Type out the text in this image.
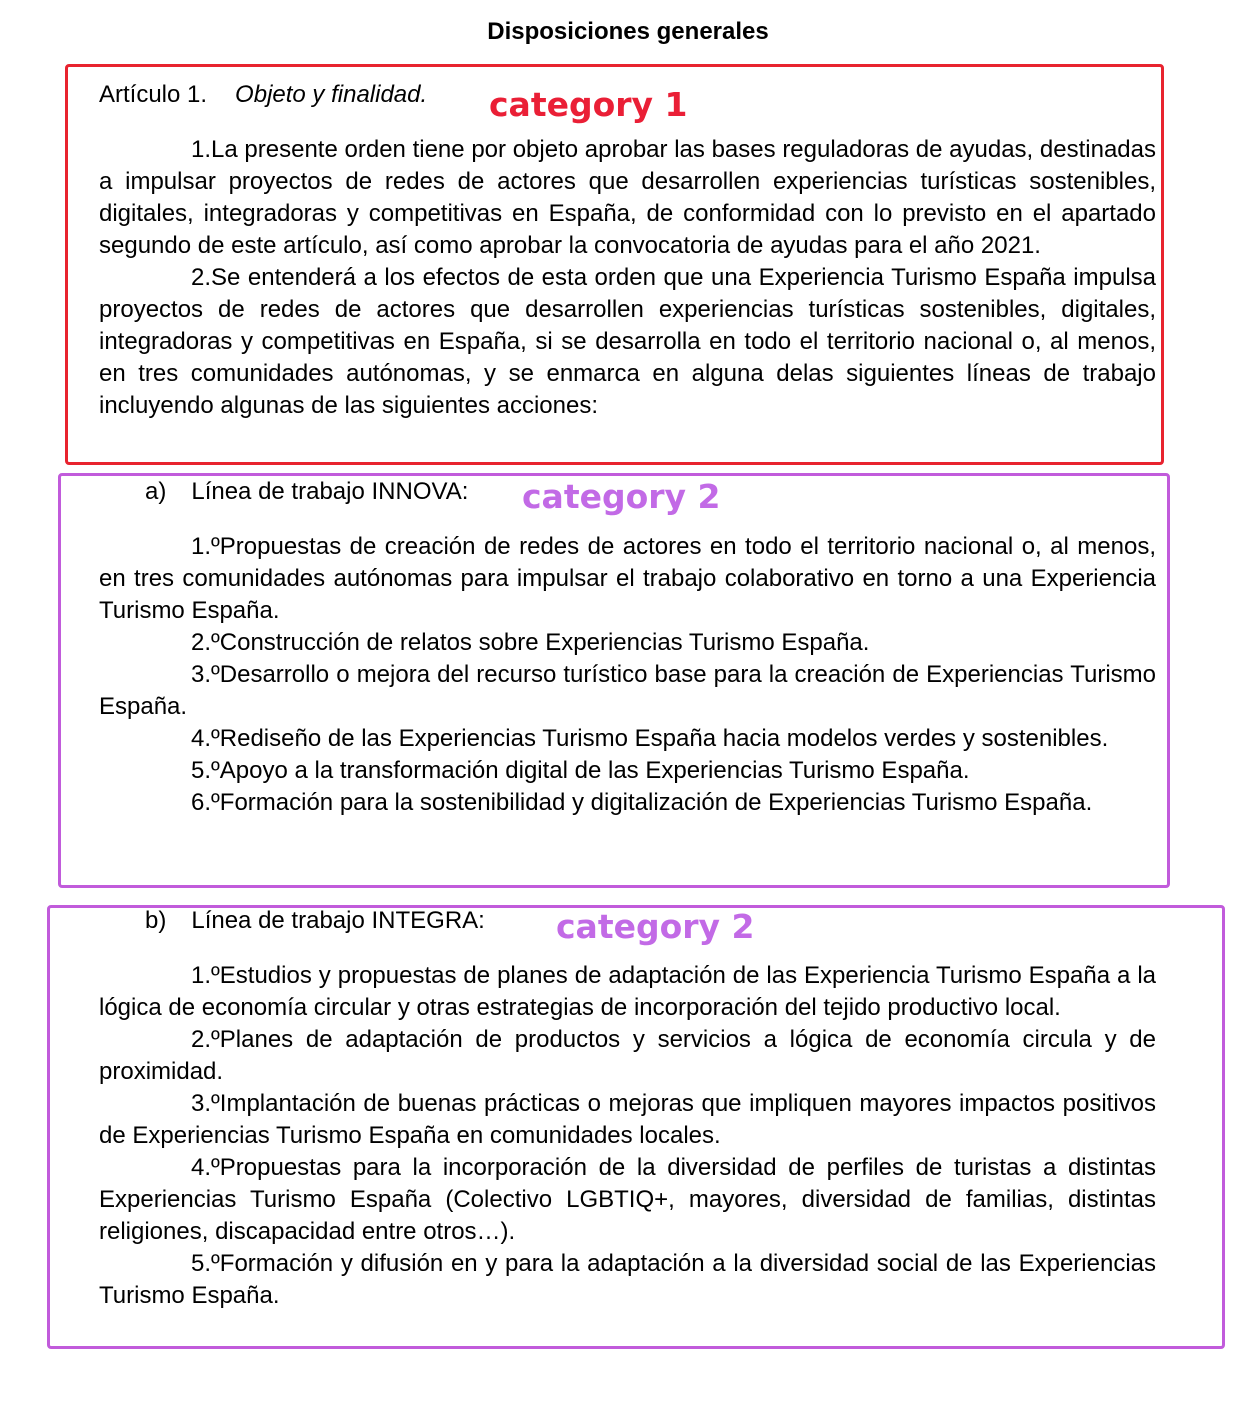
Disposiciones generales
category 1
Artículo 1. Objeto y finalidad.

1.La presente orden tiene por objeto aprobar las bases reguladoras de ayudas, destinadas a impulsar proyectos de redes de actores que desarrollen experiencias turísticas sostenibles, digitales, integradoras y competitivas en España, de conformidad con lo previsto en el apartado segundo de este artículo, así como aprobar la convocatoria de ayudas para el año 2021.

2.Se entenderá a los efectos de esta orden que una Experiencia Turismo España impulsa proyectos de redes de actores que desarrollen experiencias turísticas sostenibles, digitales, integradoras y competitivas en España, si se desarrolla en todo el territorio nacional o, al menos, en tres comunidades autónomas, y se enmarca en alguna delas siguientes líneas de trabajo incluyendo algunas de las siguientes acciones:

category 2
a) Línea de trabajo INNOVA:

1.ºPropuestas de creación de redes de actores en todo el territorio nacional o, al menos, en tres comunidades autónomas para impulsar el trabajo colaborativo en torno a una Experiencia Turismo España.

2.ºConstrucción de relatos sobre Experiencias Turismo España.

3.ºDesarrollo o mejora del recurso turístico base para la creación de Experiencias Turismo España.

4.ºRediseño de las Experiencias Turismo España hacia modelos verdes y sostenibles.

5.ºApoyo a la transformación digital de las Experiencias Turismo España.

6.ºFormación para la sostenibilidad y digitalización de Experiencias Turismo España.

category 2
b) Línea de trabajo INTEGRA:

1.ºEstudios y propuestas de planes de adaptación de las Experiencia Turismo España a la lógica de economía circular y otras estrategias de incorporación del tejido productivo local.

2.ºPlanes de adaptación de productos y servicios a lógica de economía circula y de proximidad.

3.ºImplantación de buenas prácticas o mejoras que impliquen mayores impactos positivos de Experiencias Turismo España en comunidades locales.

4.ºPropuestas para la incorporación de la diversidad de perfiles de turistas a distintas Experiencias Turismo España (Colectivo LGBTIQ+, mayores, diversidad de familias, distintas religiones, discapacidad entre otros…).

5.ºFormación y difusión en y para la adaptación a la diversidad social de las Experiencias Turismo España.
